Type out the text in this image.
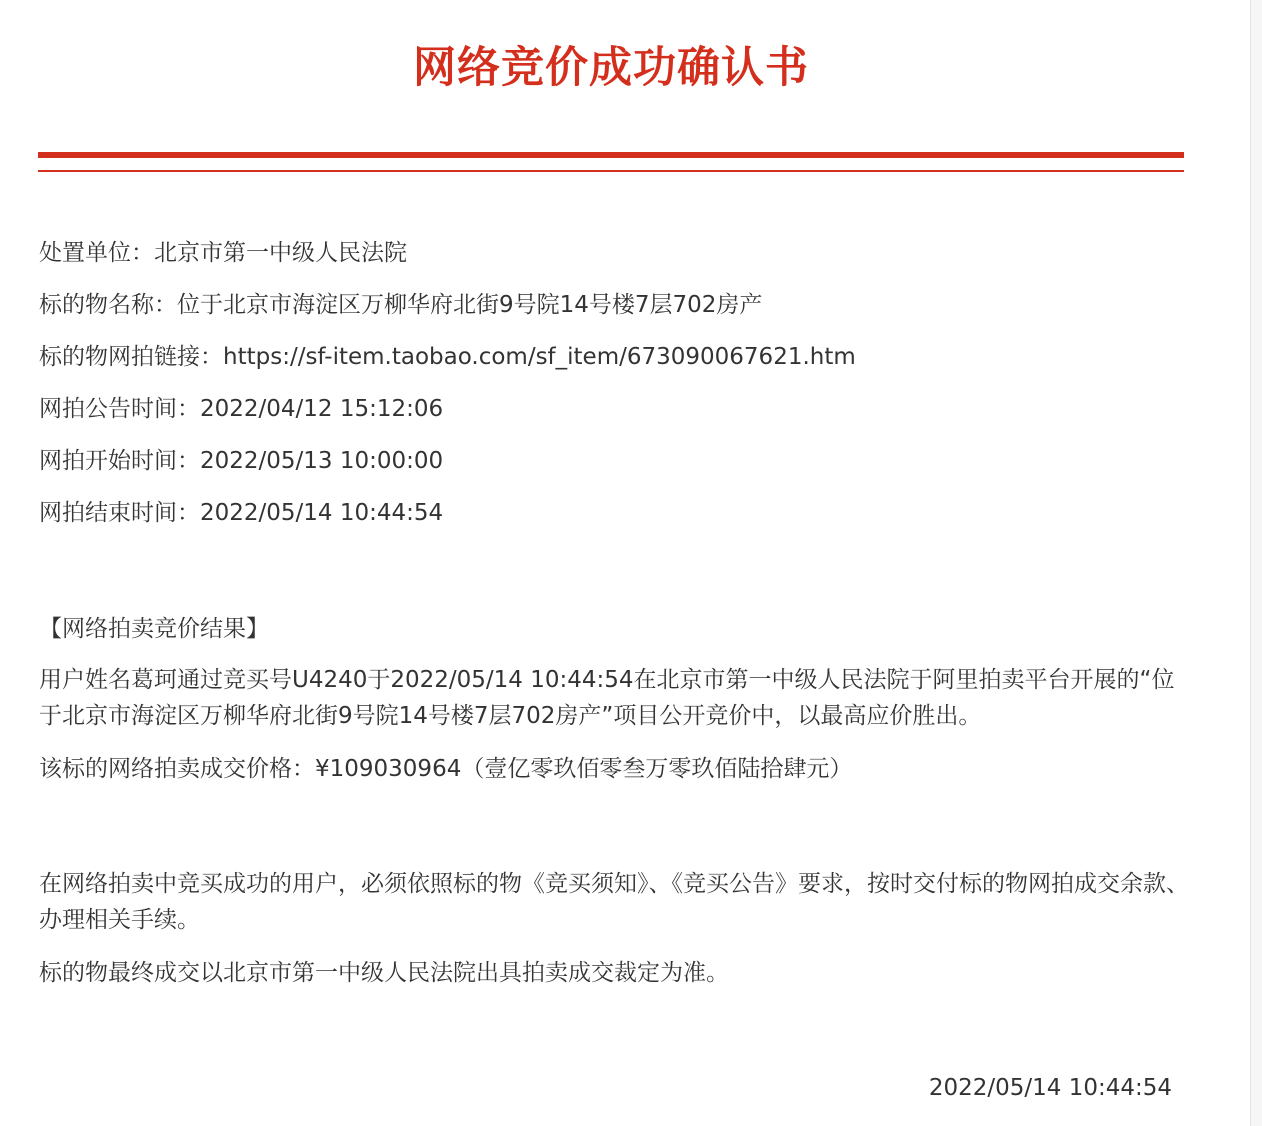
网络竞价成功确认书
处置单位：北京市第一中级人民法院
标的物名称：位于北京市海淀区万柳华府北街9号院14号楼7层702房产
标的物网拍链接：https://sf-item.taobao.com/sf_item/673090067621.htm
网拍公告时间：2022/04/12 15:12:06
网拍开始时间：2022/05/13 10:00:00
网拍结束时间：2022/05/14 10:44:54
【网络拍卖竞价结果】
用户姓名葛珂通过竞买号U4240于2022/05/14 10:44:54在北京市第一中级人民法院于阿里拍卖平台开展的“位于北京市海淀区万柳华府北街9号院14号楼7层702房产”项目公开竞价中，以最高应价胜出。
该标的网络拍卖成交价格：¥109030964（壹亿零玖佰零叁万零玖佰陆拾肆元）
在网络拍卖中竞买成功的用户，必须依照标的物《竞买须知》、《竞买公告》要求，按时交付标的物网拍成交余款、办理相关手续。
标的物最终成交以北京市第一中级人民法院出具拍卖成交裁定为准。
2022/05/14 10:44:54
